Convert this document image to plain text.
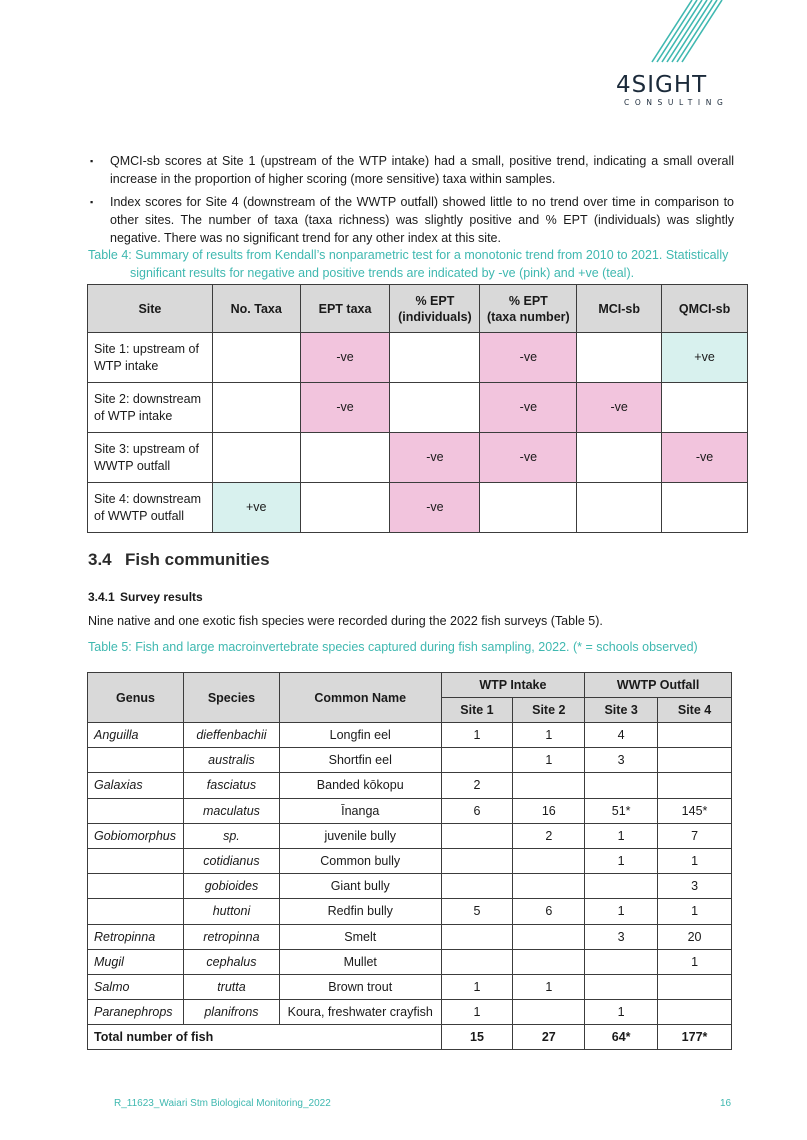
4SIGHT
CONSULTING
▪ QMCI-sb scores at Site 1 (upstream of the WTP intake) had a small, positive trend, indicating a small overall increase in the proportion of higher scoring (more sensitive) taxa within samples.
▪ Index scores for Site 4 (downstream of the WWTP outfall) showed little to no trend over time in comparison to other sites. The number of taxa (taxa richness) was slightly positive and % EPT (individuals) was slightly negative. There was no significant trend for any other index at this site.
Table 4: Summary of results from Kendall’s nonparametric test for a monotonic trend from 2010 to 2021. Statistically
significant results for negative and positive trends are indicated by -ve (pink) and +ve (teal).
Site	No. Taxa	EPT taxa	% EPT
(individuals)	% EPT
(taxa number)	MCI-sb	QMCI-sb
Site 1: upstream of
WTP intake		-ve		-ve		+ve
Site 2: downstream
of WTP intake		-ve		-ve	-ve	
Site 3: upstream of
WWTP outfall			-ve	-ve		-ve
Site 4: downstream
of WWTP outfall	+ve		-ve			
3.4 Fish communities
3.4.1 Survey results
Nine native and one exotic fish species were recorded during the 2022 fish surveys (Table 5).
Table 5: Fish and large macroinvertebrate species captured during fish sampling, 2022. (* = schools observed)
Genus	Species	Common Name	WTP Intake		WWTP Outfall	
			Site 1	Site 2	Site 3	Site 4
Anguilla	dieffenbachii	Longfin eel	1	1	4	
	australis	Shortfin eel		1	3	
Galaxias	fasciatus	Banded kōkopu	2			
	maculatus	Īnanga	6	16	51*	145*
Gobiomorphus	sp.	juvenile bully		2	1	7
	cotidianus	Common bully			1	1
	gobioides	Giant bully				3
	huttoni	Redfin bully	5	6	1	1
Retropinna	retropinna	Smelt			3	20
Mugil	cephalus	Mullet				1
Salmo	trutta	Brown trout	1	1		
Paranephrops	planifrons	Koura, freshwater crayfish	1		1	
Total number of fish			15	27	64*	177*
R_11623_Waiari Stm Biological Monitoring_2022	16
